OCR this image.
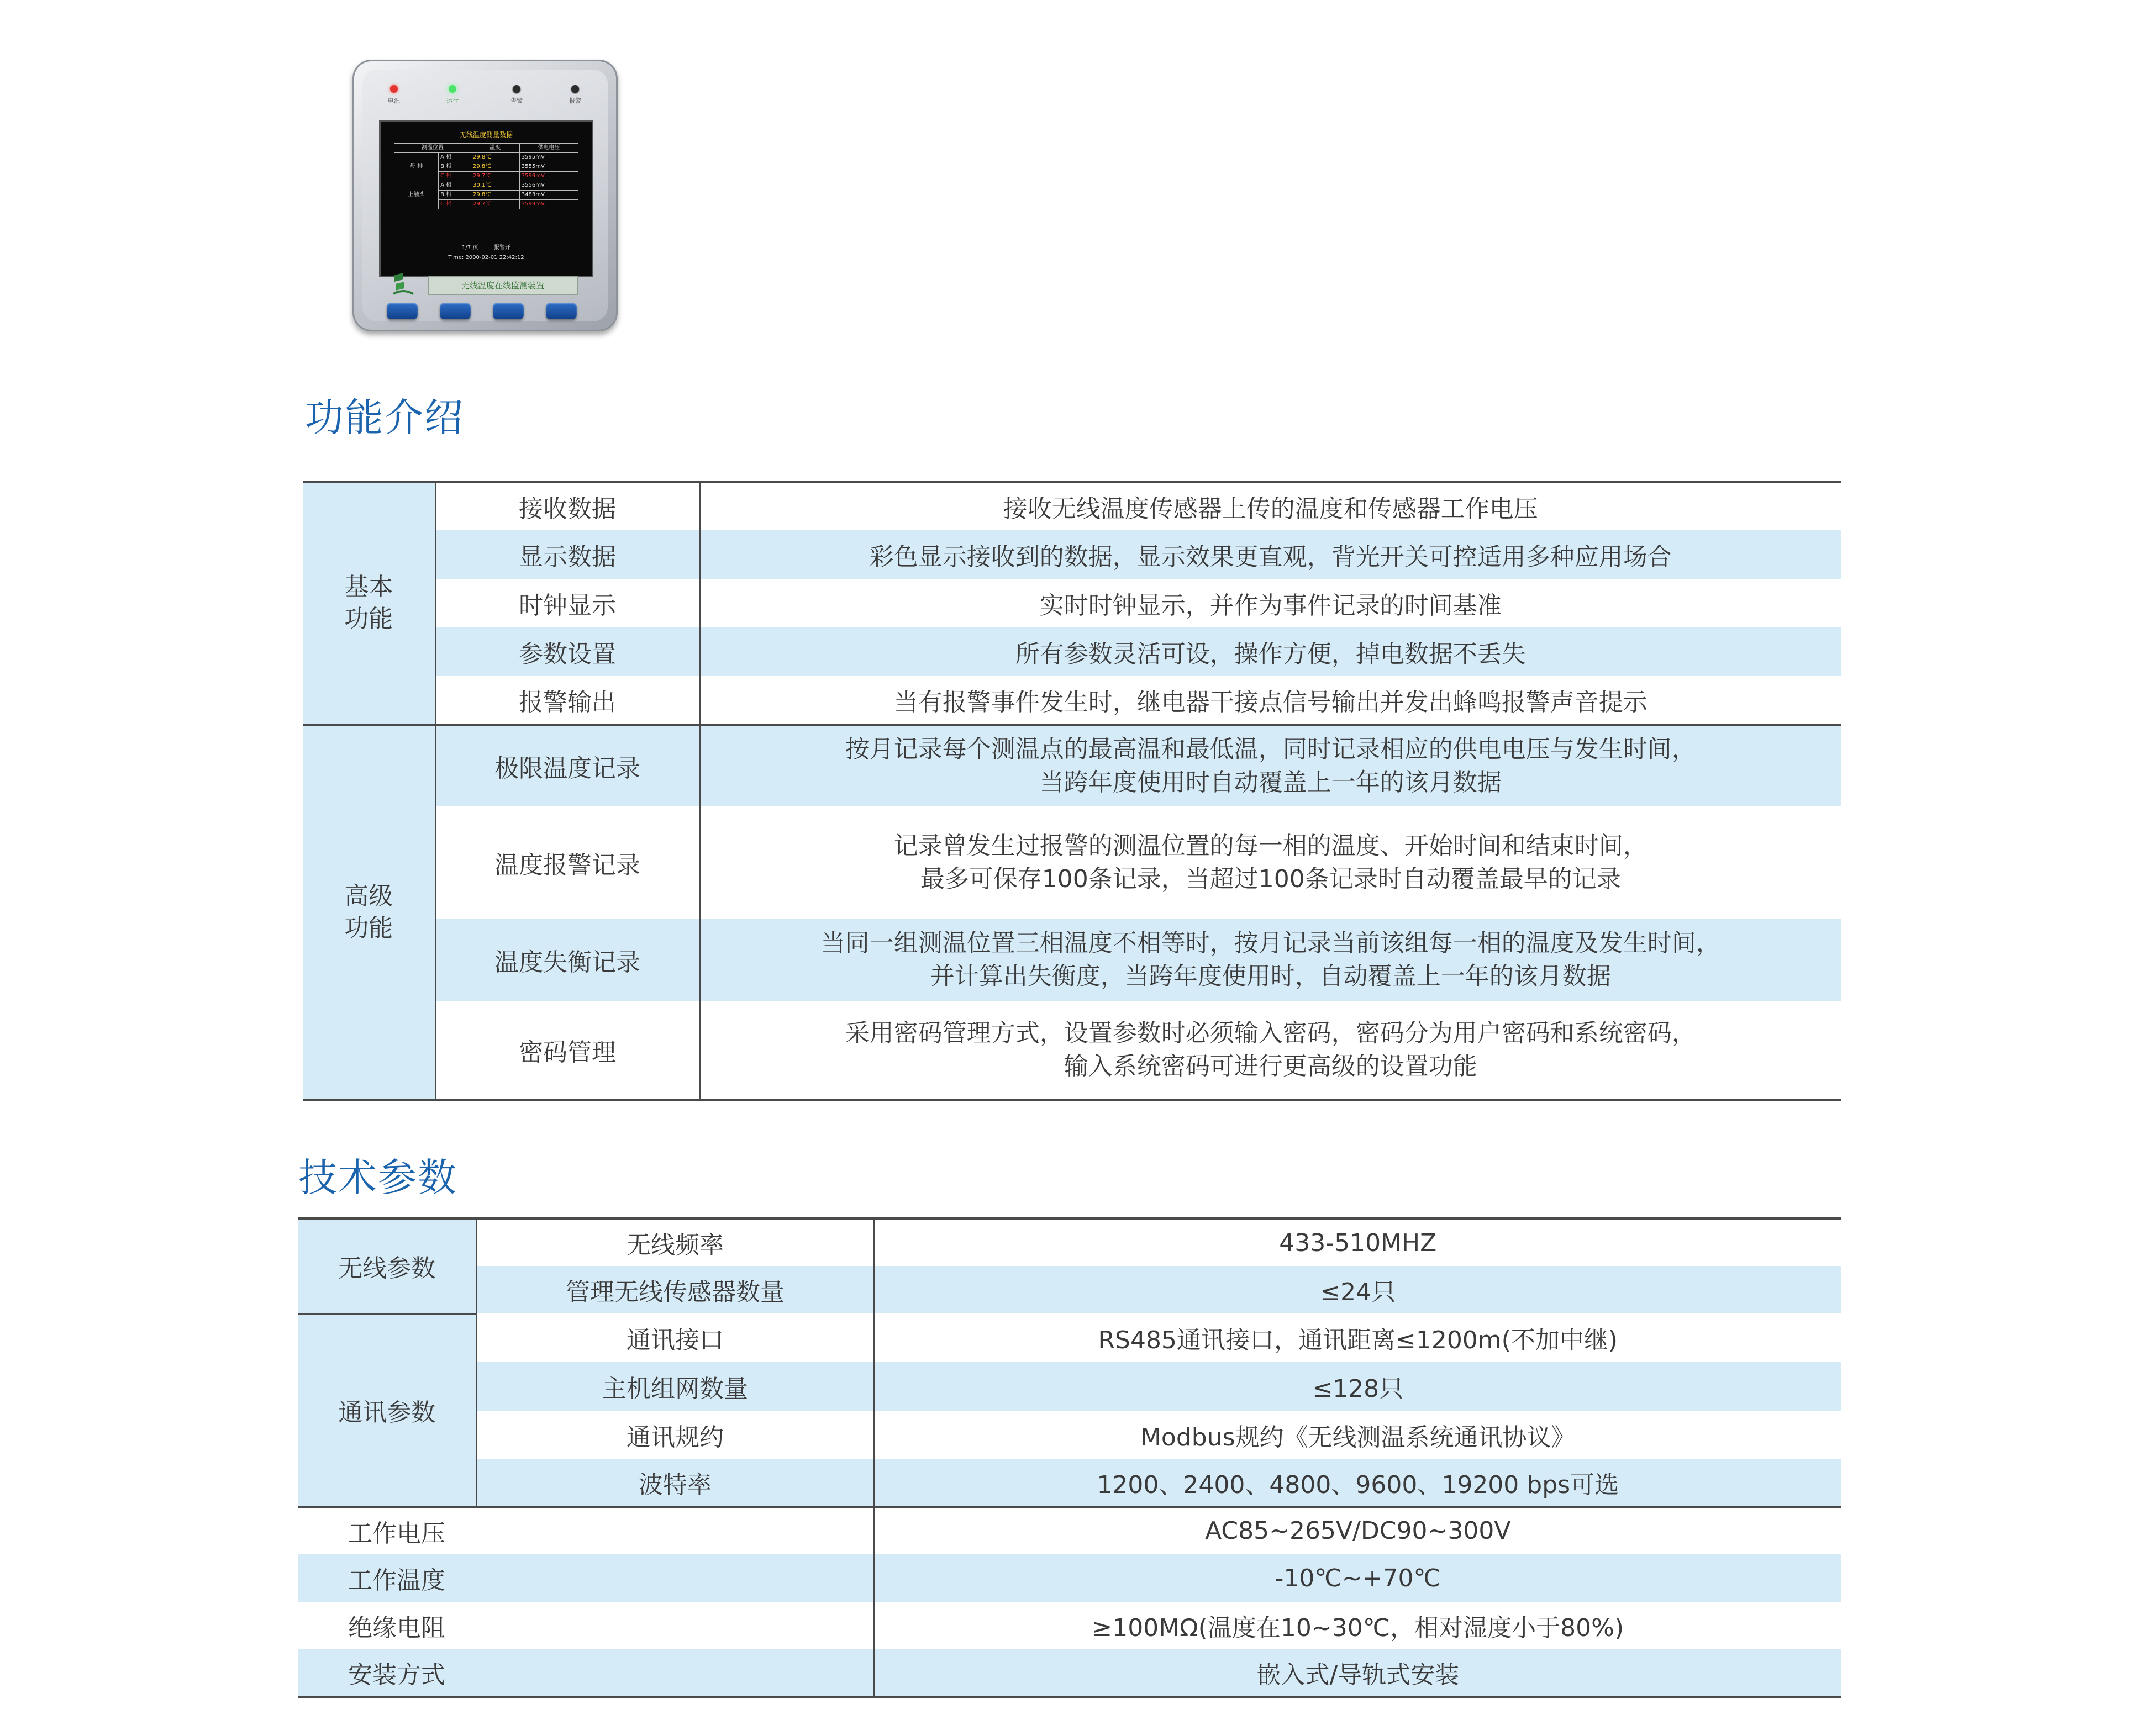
电源	运行	告警	报警
无线温度测量数据
测温位置		温度	供电电压
母 排	A 相	29.8℃	3595mV
	B 相	29.8℃	3555mV
	C 相	29.7℃	3599mV
上触头	A 相	30.1℃	3556mV
	B 相	29.8℃	3483mV
	C 相	29.7℃	3599mV
1/7 页	报警开
Time: 2000-02-01 22:42:12
无线温度在线监测装置
功能介绍
基本
功能	接收数据	接收无线温度传感器上传的温度和传感器工作电压
	显示数据	彩色显示接收到的数据，显示效果更直观，背光开关可控适用多种应用场合
	时钟显示	实时时钟显示，并作为事件记录的时间基准
	参数设置	所有参数灵活可设，操作方便，掉电数据不丢失
	报警输出	当有报警事件发生时，继电器干接点信号输出并发出蜂鸣报警声音提示
高级
功能	极限温度记录	按月记录每个测温点的最高温和最低温，同时记录相应的供电电压与发生时间，
当跨年度使用时自动覆盖上一年的该月数据
	温度报警记录	记录曾发生过报警的测温位置的每一相的温度、开始时间和结束时间，
最多可保存100条记录，当超过100条记录时自动覆盖最早的记录
	温度失衡记录	当同一组测温位置三相温度不相等时，按月记录当前该组每一相的温度及发生时间，
并计算出失衡度，当跨年度使用时，自动覆盖上一年的该月数据
	密码管理	采用密码管理方式，设置参数时必须输入密码，密码分为用户密码和系统密码，
输入系统密码可进行更高级的设置功能
技术参数
无线参数	无线频率	433-510MHZ
	管理无线传感器数量	≤24只
通讯参数	通讯接口	RS485通讯接口，通讯距离≤1200m(不加中继)
	主机组网数量	≤128只
	通讯规约	Modbus规约《无线测温系统通讯协议》
	波特率	1200、2400、4800、9600、19200 bps可选
工作电压		AC85~265V/DC90~300V
工作温度		-10℃~+70℃
绝缘电阻		≥100MΩ(温度在10~30℃，相对湿度小于80%)
安装方式		嵌入式/导轨式安装
